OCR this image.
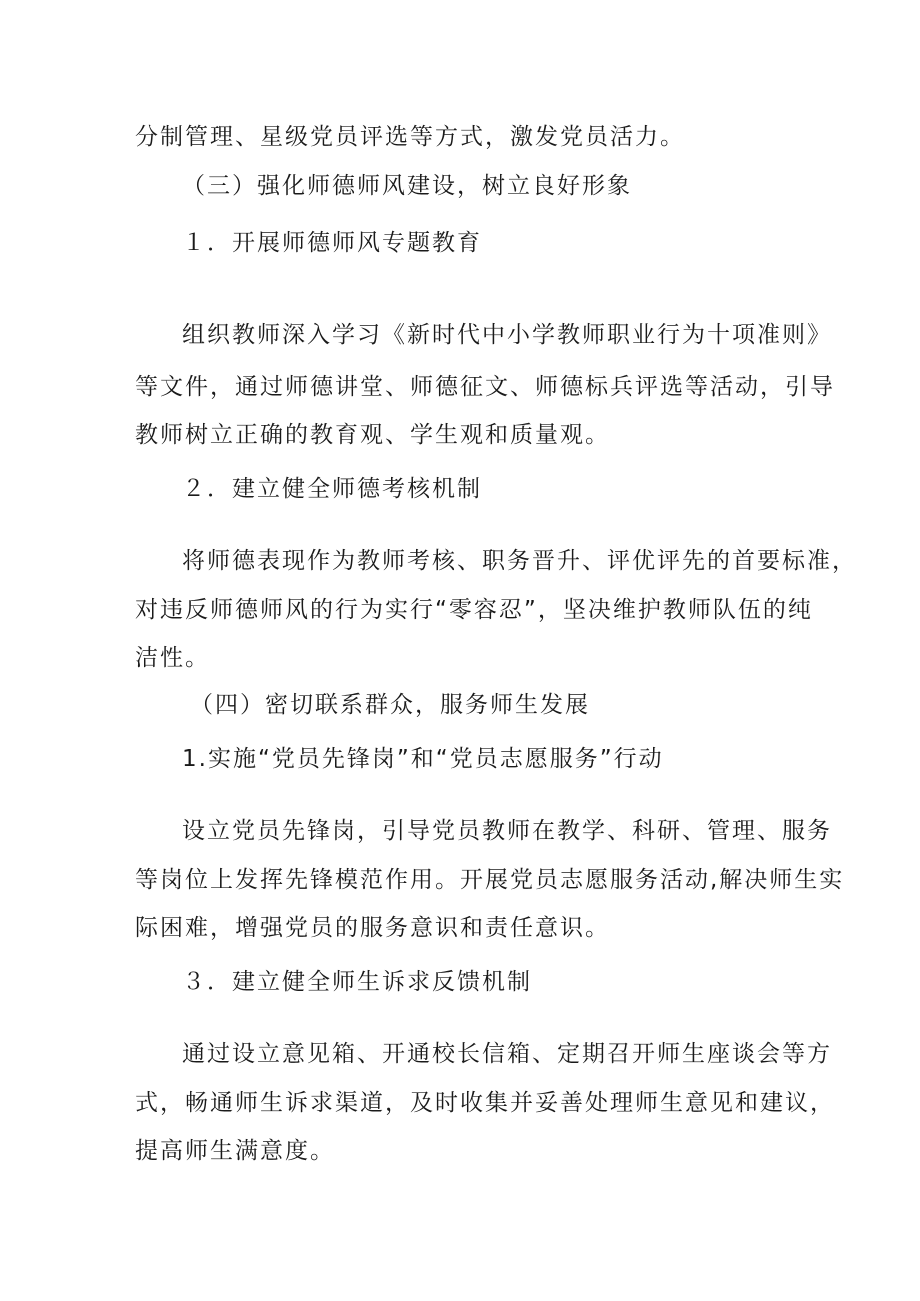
分制管理、星级党员评选等方式，激发党员活力。
（三）强化师德师风建设，树立良好形象
１．开展师德师风专题教育
组织教师深入学习《新时代中小学教师职业行为十项准则》
等文件，通过师德讲堂、师德征文、师德标兵评选等活动，引导
教师树立正确的教育观、学生观和质量观。
２．建立健全师德考核机制
将师德表现作为教师考核、职务晋升、评优评先的首要标准，
对违反师德师风的行为实行“零容忍”，坚决维护教师队伍的纯
洁性。
（四）密切联系群众，服务师生发展
1.实施“党员先锋岗”和“党员志愿服务”行动
设立党员先锋岗，引导党员教师在教学、科研、管理、服务
等岗位上发挥先锋模范作用。开展党员志愿服务活动,解决师生实
际困难，增强党员的服务意识和责任意识。
３．建立健全师生诉求反馈机制
通过设立意见箱、开通校长信箱、定期召开师生座谈会等方
式，畅通师生诉求渠道，及时收集并妥善处理师生意见和建议，
提高师生满意度。
